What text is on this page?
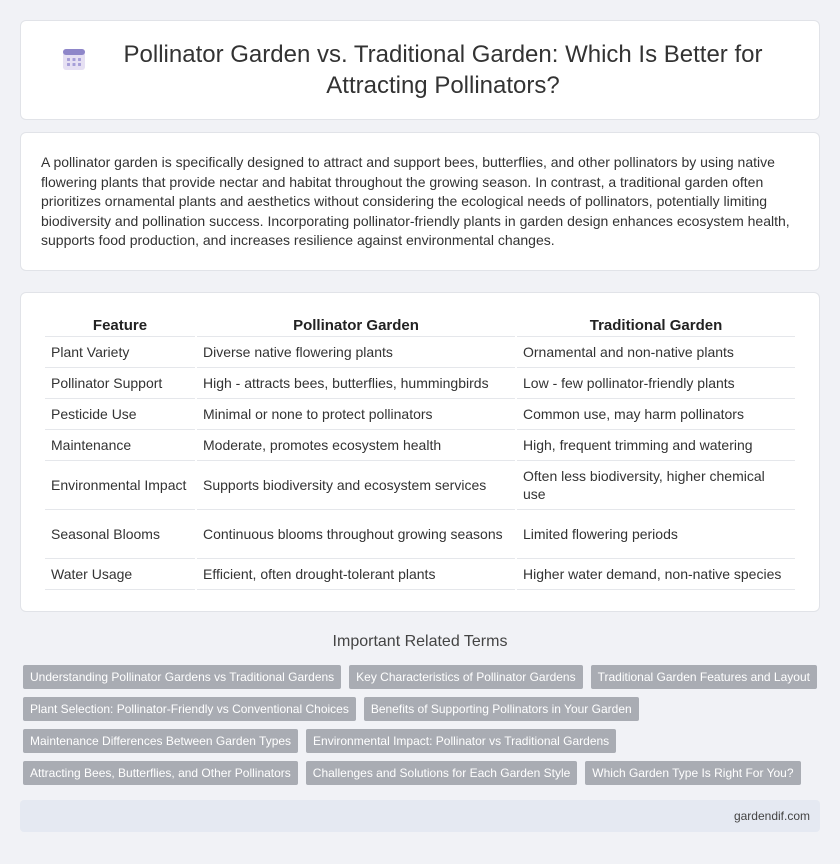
Pollinator Garden vs. Traditional Garden: Which Is Better for Attracting Pollinators?

A pollinator garden is specifically designed to attract and support bees, butterflies, and other pollinators by using native flowering plants that provide nectar and habitat throughout the growing season. In contrast, a traditional garden often prioritizes ornamental plants and aesthetics without considering the ecological needs of pollinators, potentially limiting biodiversity and pollination success. Incorporating pollinator-friendly plants in garden design enhances ecosystem health, supports food production, and increases resilience against environmental changes.

Feature	Pollinator Garden	Traditional Garden
Plant Variety	Diverse native flowering plants	Ornamental and non-native plants
Pollinator Support	High - attracts bees, butterflies, hummingbirds	Low - few pollinator-friendly plants
Pesticide Use	Minimal or none to protect pollinators	Common use, may harm pollinators
Maintenance	Moderate, promotes ecosystem health	High, frequent trimming and watering
Environmental Impact	Supports biodiversity and ecosystem services	Often less biodiversity, higher chemical use
Seasonal Blooms	Continuous blooms throughout growing seasons	Limited flowering periods
Water Usage	Efficient, often drought-tolerant plants	Higher water demand, non-native species
Important Related Terms
Understanding Pollinator Gardens vs Traditional Gardens	Key Characteristics of Pollinator Gardens	Traditional Garden Features and Layout
Plant Selection: Pollinator-Friendly vs Conventional Choices	Benefits of Supporting Pollinators in Your Garden
Maintenance Differences Between Garden Types	Environmental Impact: Pollinator vs Traditional Gardens
Attracting Bees, Butterflies, and Other Pollinators	Challenges and Solutions for Each Garden Style	Which Garden Type Is Right For You?
gardendif.com
